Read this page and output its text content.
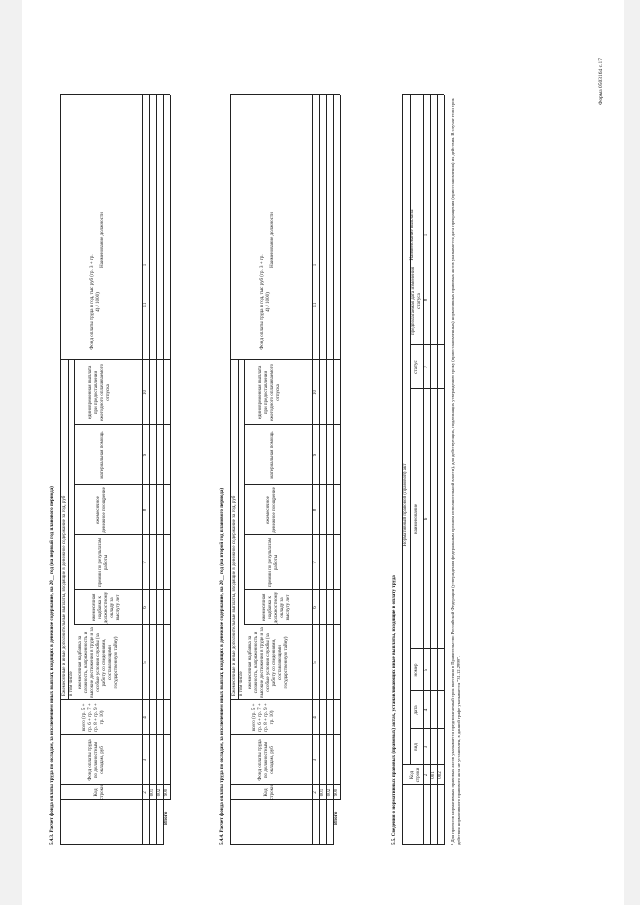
Форма 0503164 с.17
5.4.3. Расчет фонда оплаты труда по окладам, за исключением иных выплат, входящих в денежное содержание, на 20__ год (на первый год планового периода)
Наименование должности
Код строки
Фонд оплаты труда по должностным окладам, руб
всего (гр. 5 + гр. 6 + гр. 7 + гр. 8 + гр. 9 + гр. 10)
Ежемесячные и иные дополнительные выплаты, входящие в денежное содержание за год, руб в том числе ежемесячная надбавка за сложность, напряженность и высокие достижения в труде и за особые условия службы (за работу со сведениями, составляющими государственную тайну)
ежемесячная надбавка к должностному окладу за выслугу лет
премии по результатам работы
ежемесячное денежное поощрение
материальная помощь
единовременная выплата при предоставлении ежегодного оплачиваемого отпуска
Фонд оплаты труда в год, тыс руб (гр. 3 + гр. 4) / 1000)
1
2
3
4
5
6
7
8
9
10
11
001 002 900
Итого	5.4.4. Расчет фонда оплаты труда по окладам, за исключением иных выплат, входящих в денежное содержание, на 20__ год (на второй год планового периода)
Наименование должности
Код строки
Фонд оплаты труда по должностным окладам, руб
всего (гр. 5 + гр. 6 + гр. 7 + гр. 8 + гр. 9 + гр. 10)
Ежемесячные и иные дополнительные выплаты, входящие в денежное содержание за год, руб в том числе ежемесячная надбавка за сложность, напряженность и высокие достижения в труде и за особые условия службы (за работу со сведениями, составляющими государственную тайну)
ежемесячная надбавка к должностному окладу за выслугу лет
премии по результатам работы
ежемесячное денежное поощрение
материальная помощь
единовременная выплата при предоставлении ежегодного оплачиваемого отпуска
Фонд оплаты труда в год, тыс руб (гр. 3 + гр. 4) / 1000)
1
2
3
4
5
6
7
8
9
10
11
001 002 900
Итого	5.5. Сведения о нормативных правовых (правовых) актах, устанавливающих иные выплаты, входящие в оплату труда
Наименование выплаты
Код строки
Нормативный правовой (правовой) акт
вид
дата
номер
наименование
статус
предполагаемая дата изменения статуса
1
2
3
4
5
6
7
8
001 002 ¹ Для проектов нормативных правовых актов указывается предполагаемый срок внесения в Правительство Российской Федерации (утверждения федеральным органом исполнительной власти), для действующих, подлежащих утверждению сроку (приостановленных) нормативных правовых актов указывается дата прекращения (приостановления) их действия. В случае если срок действия нормативного правового акта не установлен, в данной графе указывается "31.12.2999".
